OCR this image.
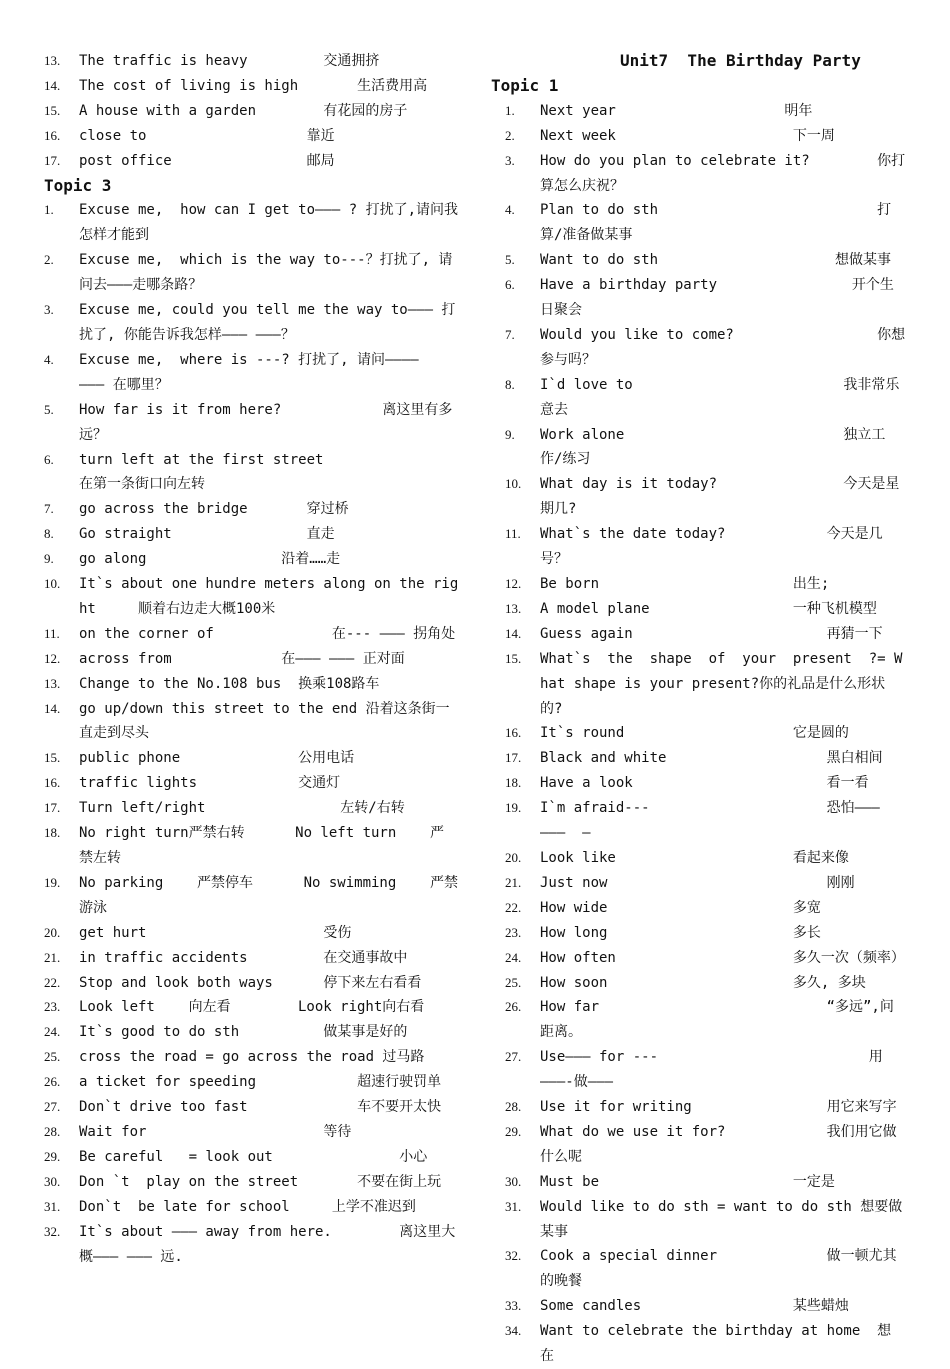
Unit7  The Birthday Party
13.	The traffic is heavy         交通拥挤
14.	The cost of living is high       生活费用高
15.	A house with a garden        有花园的房子
16.	close to                   靠近
17.	post office                邮局
Topic 3
1.	Excuse me,  how can I get to——— ? 打扰了,请问我怎样才能到
2.	Excuse me,  which is the way to---？打扰了, 请问去———走哪条路？
3.	Excuse me, could you tell me the way to——— 打扰了, 你能告诉我怎样——— ———？
4.	Excuse me,  where is ---? 打扰了, 请问————  ——— 在哪里？
5.	How far is it from here?            离这里有多远？
6.	turn left at the first street                 在第一条街口向左转
7.	go across the bridge       穿过桥
8.	Go straight                直走
9.	go along                沿着……走
10.	It`s about one hundre meters along on the right     顺着右边走大概100米
11.	on the corner of              在--- ——— 拐角处
12.	across from             在——— ——— 正对面
13.	Change to the No.108 bus  换乘108路车
14.	go up/down this street to the end 沿着这条街一直走到尽头
15.	public phone              公用电话
16.	traffic lights            交通灯
17.	Turn left/right                左转/右转
18.	No right turn严禁右转      No left turn    严 禁左转
19.	No parking    严禁停车      No swimming    严禁游泳
20.	get hurt                     受伤
21.	in traffic accidents         在交通事故中
22.	Stop and look both ways      停下来左右看看
23.	Look left    向左看        Look right向右看
24.	It`s good to do sth          做某事是好的
25.	cross the road = go across the road 过马路
26.	a ticket for speeding            超速行驶罚单
27.	Don`t drive too fast             车不要开太快
28.	Wait for                     等待
29.	Be careful   = look out               小心
30.	Don `t  play on the street       不要在街上玩
31.	Don`t  be late for school     上学不准迟到
32.	It`s about ——— away from here.        离这里大概——— ——— 远.
Topic 1
1.	Next year                    明年
2.	Next week                     下一周
3.	How do you plan to celebrate it?        你打算怎么庆祝？
4.	Plan to do sth                          打算/准备做某事
5.	Want to do sth                     想做某事
6.	Have a birthday party                开个生日聚会
7.	Would you like to come?                 你想参与吗？
8.	I`d love to                         我非常乐意去
9.	Work alone                          独立工作/练习
10.	What day is it today?               今天是星期几?
11.	What`s the date today?            今天是几号？
12.	Be born                       出生;
13.	A model plane                 一种飞机模型
14.	Guess again                       再猜一下
15.	What`s  the  shape  of  your  present  ?= What shape is your present?你的礼品是什么形状的?
16.	It`s round                    它是圆的
17.	Black and white                   黑白相间
18.	Have a look                       看一看
19.	I`m afraid---                     恐怕——— ———  —
20.	Look like                     看起来像
21.	Just now                          刚刚
22.	How wide                      多宽
23.	How long                      多长
24.	How often                     多久一次（频率）
25.	How soon                      多久, 多块
26.	How far                           “多远”,问距离。
27.	Use——— for ---                         用———-做———
28.	Use it for writing                用它来写字
29.	What do we use it for?            我们用它做什么呢
30.	Must be                       一定是
31.	Would like to do sth = want to do sth 想要做某事
32.	Cook a special dinner             做一顿尤其的晚餐
33.	Some candles                  某些蜡烛
34.	Want to celebrate the birthday at home  想 在
